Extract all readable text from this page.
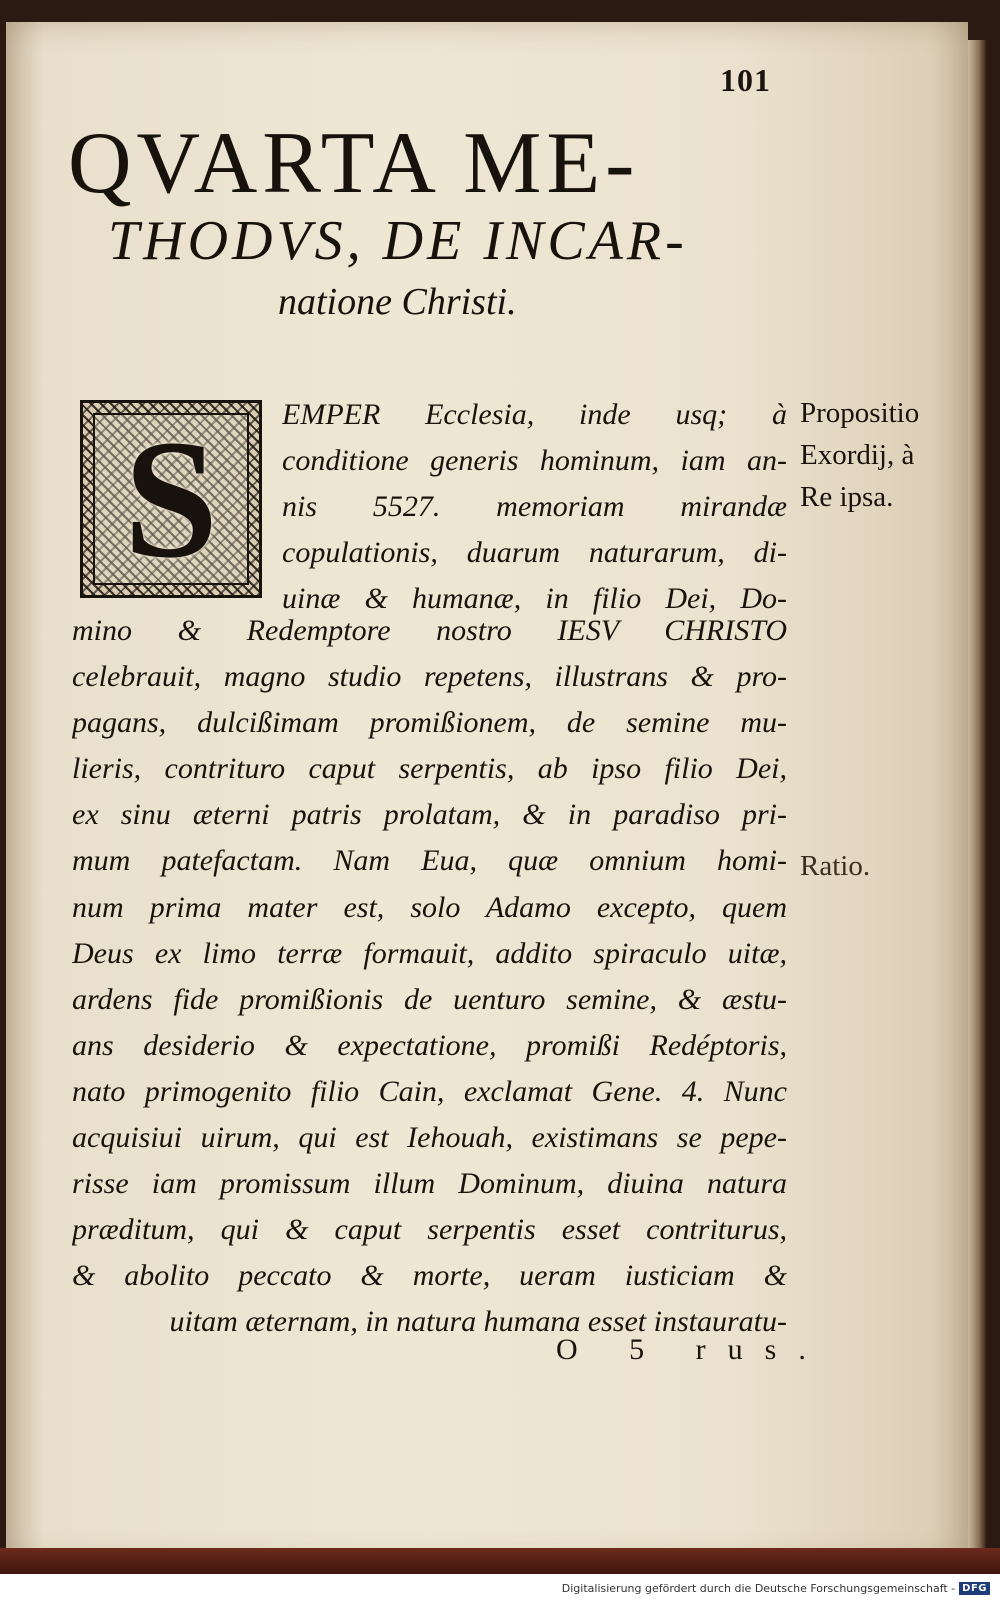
101
QVARTA ME-
THODVS, DE INCAR-
natione Christi.
S EMPER Ecclesia, inde usq; à
conditione generis hominum, iam an-
nis 5527. memoriam mirandæ
copulationis, duarum naturarum, di-
uinæ & humanæ, in filio Dei, Do-

mino & Redemptore nostro IESV CHRISTO
celebrauit, magno studio repetens, illustrans & pro-
pagans, dulcißimam promißionem, de semine mu-
lieris, contrituro caput serpentis, ab ipso filio Dei,
ex sinu æterni patris prolatam, & in paradiso pri-
mum patefactam. Nam Eua, quæ omnium homi-
num prima mater est, solo Adamo excepto, quem
Deus ex limo terræ formauit, addito spiraculo uitæ,
ardens fide promißionis de uenturo semine, & æstu-
ans desiderio & expectatione, promißi Redéptoris,
nato primogenito filio Cain, exclamat Gene. 4. Nunc
acquisiui uirum, qui est Iehouah, existimans se pepe-
risse iam promissum illum Dominum, diuina natura
præditum, qui & caput serpentis esset contriturus,
& abolito peccato & morte, ueram iusticiam &
uitam æternam, in natura humana esset instauratu-

O 5 rus.

Propositio
Exordij, à
Re ipsa.

Ratio.

Digitalisierung gefördert durch die Deutsche Forschungsgemeinschaft - DFG
